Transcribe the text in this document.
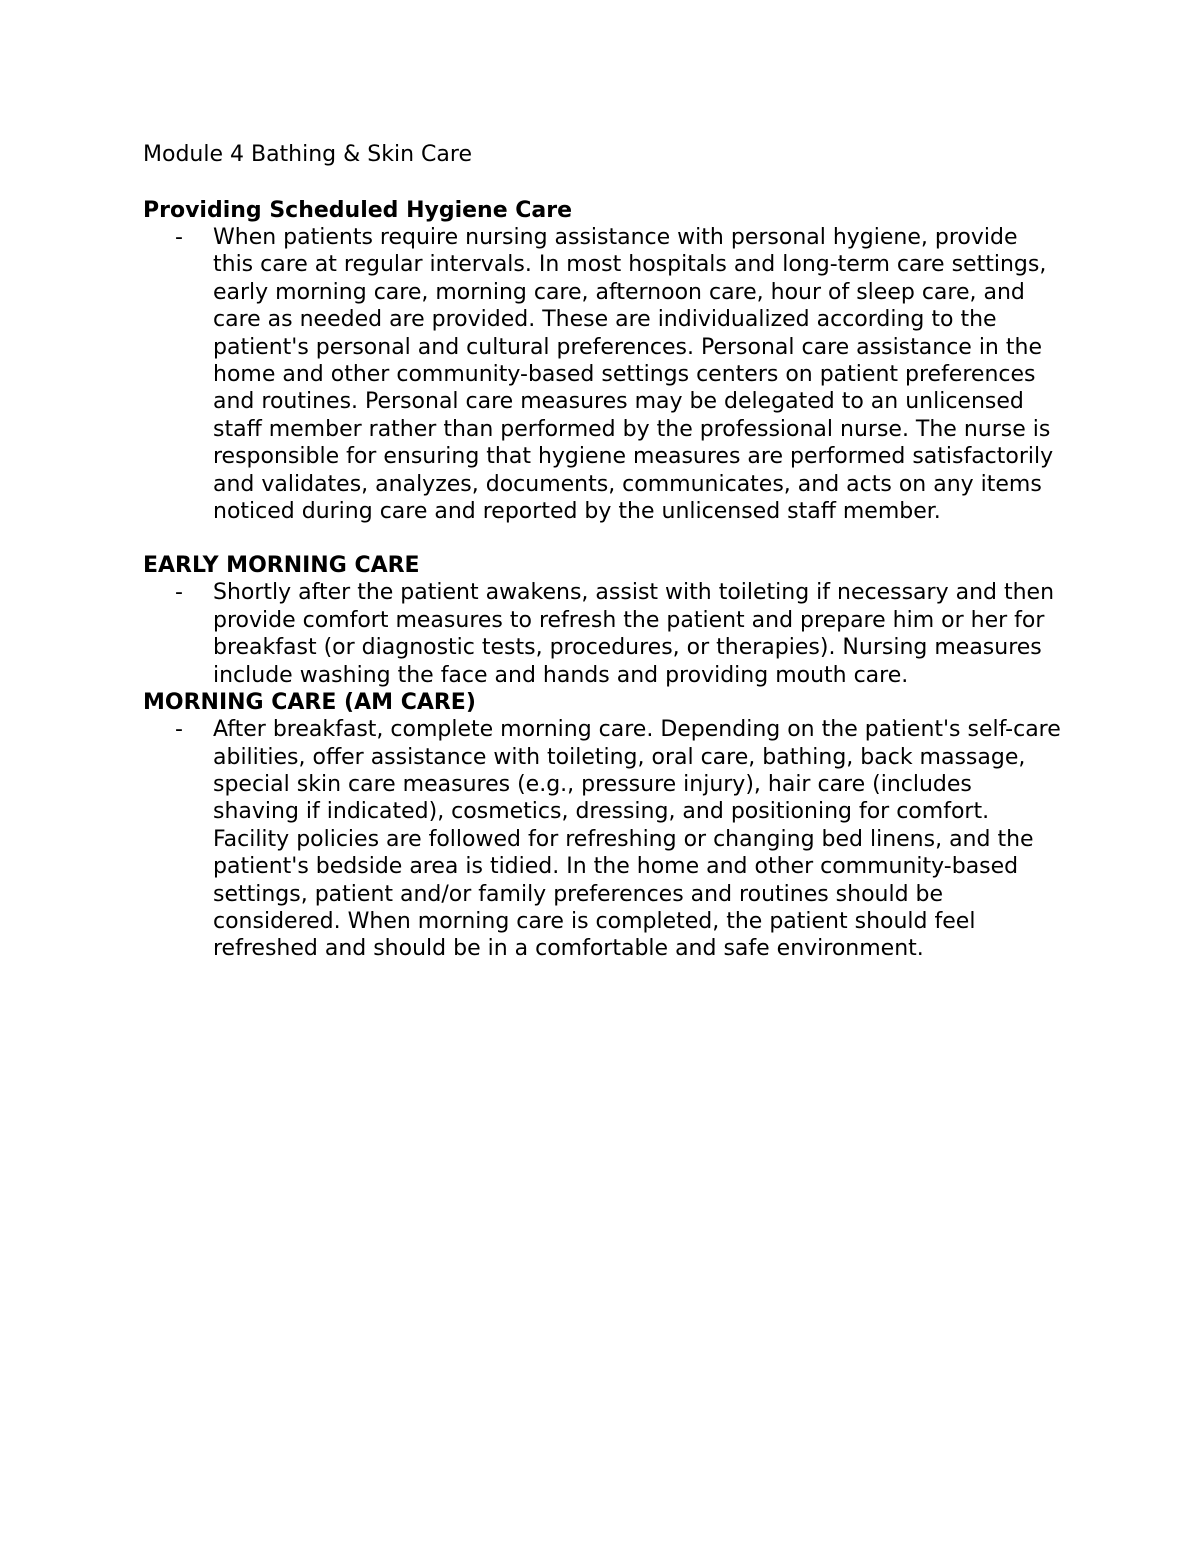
Module 4 Bathing & Skin Care

Providing Scheduled Hygiene Care

- When patients require nursing assistance with personal hygiene, provide this care at regular intervals. In most hospitals and long-term care settings, early morning care, morning care, afternoon care, hour of sleep care, and care as needed are provided. These are individualized according to the patient's personal and cultural preferences. Personal care assistance in the home and other community-based settings centers on patient preferences and routines. Personal care measures may be delegated to an unlicensed staff member rather than performed by the professional nurse. The nurse is responsible for ensuring that hygiene measures are performed satisfactorily and validates, analyzes, documents, communicates, and acts on any items noticed during care and reported by the unlicensed staff member.

EARLY MORNING CARE

- Shortly after the patient awakens, assist with toileting if necessary and then provide comfort measures to refresh the patient and prepare him or her for breakfast (or diagnostic tests, procedures, or therapies). Nursing measures include washing the face and hands and providing mouth care.

MORNING CARE (AM CARE)

- After breakfast, complete morning care. Depending on the patient's self-care abilities, offer assistance with toileting, oral care, bathing, back massage, special skin care measures (e.g., pressure injury), hair care (includes shaving if indicated), cosmetics, dressing, and positioning for comfort. Facility policies are followed for refreshing or changing bed linens, and the patient's bedside area is tidied. In the home and other community-based settings, patient and/or family preferences and routines should be considered. When morning care is completed, the patient should feel refreshed and should be in a comfortable and safe environment.
